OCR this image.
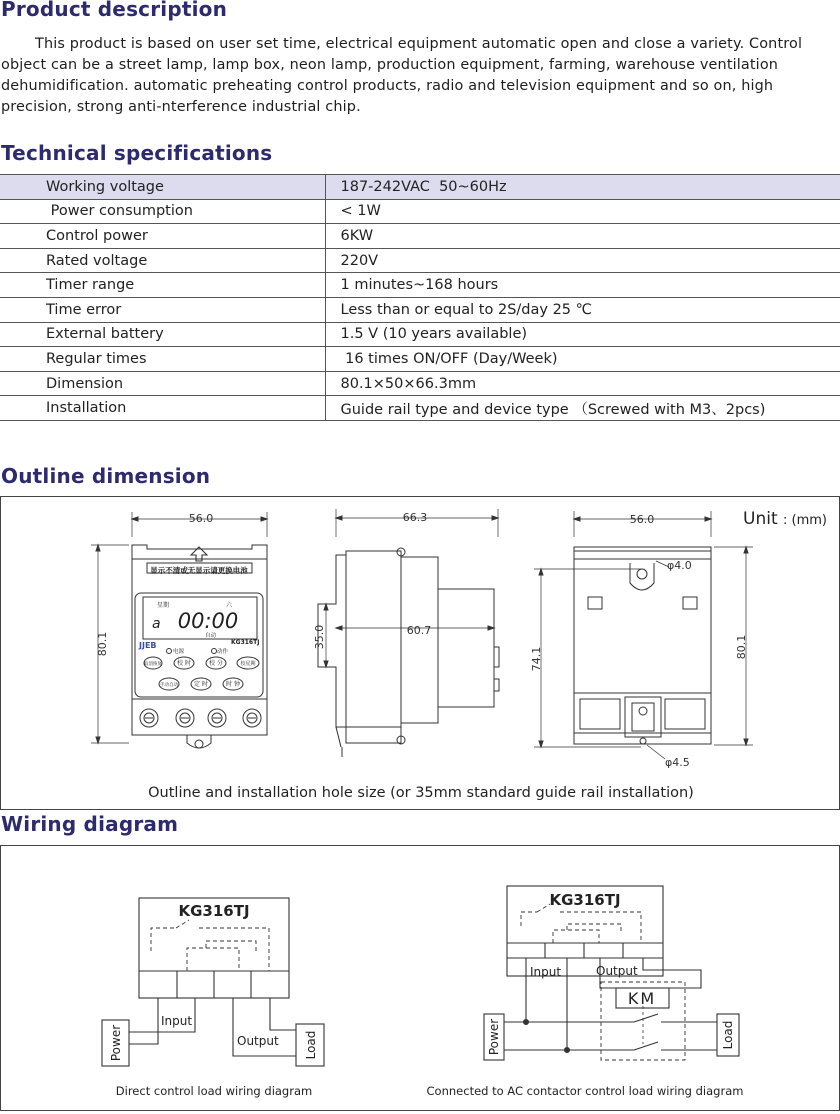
Product description
This product is based on user set time, electrical equipment automatic open and close a variety. Control object can be a street lamp, lamp box, neon lamp, production equipment, farming, warehouse ventilation dehumidification. automatic preheating control products, radio and television equipment and so on, high precision, strong anti-nterference industrial chip.
Technical specifications
Working voltage	187-242VAC  50~60Hz
Power consumption	< 1W
Control power	6KW
Rated voltage	220V
Timer range	1 minutes~168 hours
Time error	Less than or equal to 2S/day 25 ℃
External battery	1.5 V (10 years available)
Regular times	16 times ON/OFF (Day/Week)
Dimension	80.1×50×66.3mm
Installation	Guide rail type and device type （Screwed with M3、2pcs)
Outline dimension
56.0
80.1
66.3
60.7
35.0
56.0
80.1
74.1
φ4.0
φ4.5
显示不清或无显示请更换电池
星期	六
a 00:00
自动
JJEB	KG316TJ
电源	动作
取消恢复	校 时	校 分	校星期
手动自动	定 时	时 钟
Unit : (mm)
Outline and installation hole size (or 35mm standard guide rail installation)
Wiring diagram
KG316TJ
Input
Output
Power	Load
Direct control load wiring diagram
KG316TJ
Input	Output
KM
Power	Load
Connected to AC contactor control load wiring diagram
